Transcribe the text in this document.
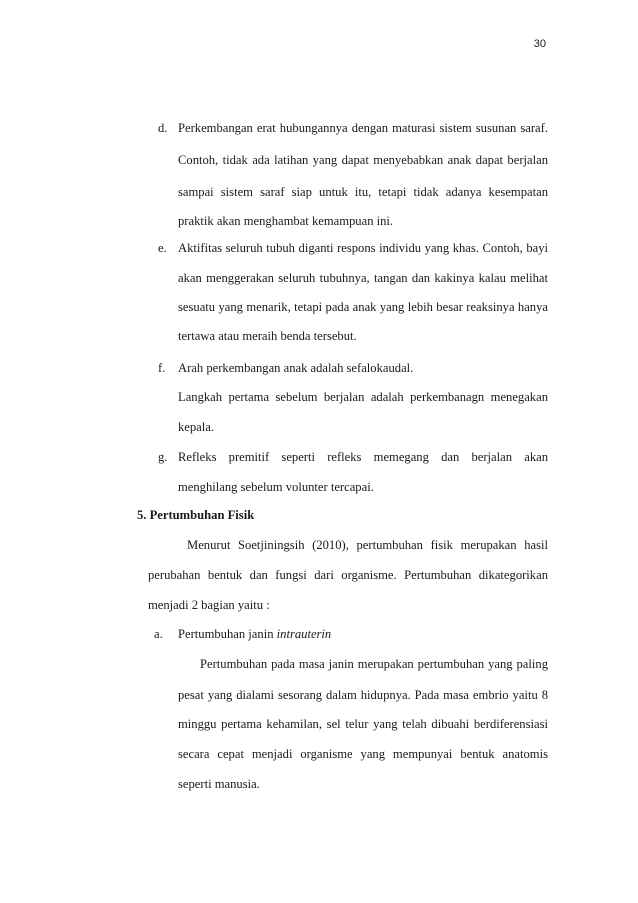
30
d. Perkembangan erat hubungannya dengan maturasi sistem susunan saraf.
Contoh, tidak ada latihan yang dapat menyebabkan anak dapat berjalan
sampai sistem saraf siap untuk itu, tetapi tidak adanya kesempatan
praktik akan menghambat kemampuan ini.
e. Aktifitas seluruh tubuh diganti respons individu yang khas. Contoh, bayi
akan menggerakan seluruh tubuhnya, tangan dan kakinya kalau melihat
sesuatu yang menarik, tetapi pada anak yang lebih besar reaksinya hanya
tertawa atau meraih benda tersebut.
f. Arah perkembangan anak adalah sefalokaudal.
Langkah pertama sebelum berjalan adalah perkembanagn menegakan
kepala.
g. Refleks premitif seperti refleks memegang dan berjalan akan
menghilang sebelum volunter tercapai.
5. Pertumbuhan Fisik
Menurut Soetjiningsih (2010), pertumbuhan fisik merupakan hasil
perubahan bentuk dan fungsi dari organisme. Pertumbuhan dikategorikan
menjadi 2 bagian yaitu :
a. Pertumbuhan janin intrauterin
Pertumbuhan pada masa janin merupakan pertumbuhan yang paling
pesat yang dialami sesorang dalam hidupnya. Pada masa embrio yaitu 8
minggu pertama kehamilan, sel telur yang telah dibuahi berdiferensiasi
secara cepat menjadi organisme yang mempunyai bentuk anatomis
seperti manusia.
